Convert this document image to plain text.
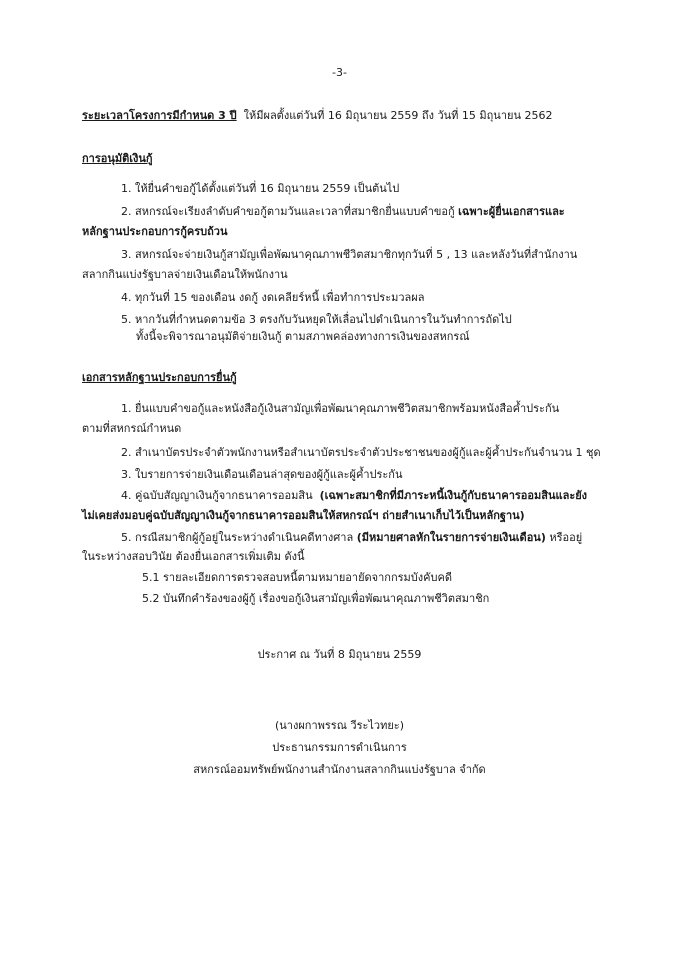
-3-
ระยะเวลาโครงการมีกำหนด 3 ปี ให้มีผลตั้งแต่วันที่ 16 มิถุนายน 2559 ถึง วันที่ 15 มิถุนายน 2562
การอนุมัติเงินกู้
1. ให้ยื่นคำขอกู้ได้ตั้งแต่วันที่ 16 มิถุนายน 2559 เป็นต้นไป
2. สหกรณ์จะเรียงลำดับคำขอกู้ตามวันและเวลาที่สมาชิกยื่นแบบคำขอกู้ เฉพาะผู้ยื่นเอกสารและ
หลักฐานประกอบการกู้ครบถ้วน
3. สหกรณ์จะจ่ายเงินกู้สามัญเพื่อพัฒนาคุณภาพชีวิตสมาชิกทุกวันที่ 5 , 13 และหลังวันที่สำนักงาน
สลากกินแบ่งรัฐบาลจ่ายเงินเดือนให้พนักงาน
4. ทุกวันที่ 15 ของเดือน งดกู้ งดเคลียร์หนี้ เพื่อทำการประมวลผล
5. หากวันที่กำหนดตามข้อ 3 ตรงกับวันหยุดให้เลื่อนไปดำเนินการในวันทำการถัดไป
ทั้งนี้จะพิจารณาอนุมัติจ่ายเงินกู้ ตามสภาพคล่องทางการเงินของสหกรณ์
เอกสารหลักฐานประกอบการยื่นกู้
1. ยื่นแบบคำขอกู้และหนังสือกู้เงินสามัญเพื่อพัฒนาคุณภาพชีวิตสมาชิกพร้อมหนังสือค้ำประกัน
ตามที่สหกรณ์กำหนด
2. สำเนาบัตรประจำตัวพนักงานหรือสำเนาบัตรประจำตัวประชาชนของผู้กู้และผู้ค้ำประกันจำนวน 1 ชุด
3. ใบรายการจ่ายเงินเดือนเดือนล่าสุดของผู้กู้และผู้ค้ำประกัน
4. คู่ฉบับสัญญาเงินกู้จากธนาคารออมสิน (เฉพาะสมาชิกที่มีภาระหนี้เงินกู้กับธนาคารออมสินและยัง
ไม่เคยส่งมอบคู่ฉบับสัญญาเงินกู้จากธนาคารออมสินให้สหกรณ์ฯ ถ่ายสำเนาเก็บไว้เป็นหลักฐาน)
5. กรณีสมาชิกผู้กู้อยู่ในระหว่างดำเนินคดีทางศาล (มีหมายศาลหักในรายการจ่ายเงินเดือน) หรืออยู่
ในระหว่างสอบวินัย ต้องยื่นเอกสารเพิ่มเติม ดังนี้
5.1 รายละเอียดการตรวจสอบหนี้ตามหมายอายัดจากกรมบังคับคดี
5.2 บันทึกคำร้องของผู้กู้ เรื่องขอกู้เงินสามัญเพื่อพัฒนาคุณภาพชีวิตสมาชิก
ประกาศ ณ วันที่ 8 มิถุนายน 2559
(นางผกาพรรณ วีระไวทยะ)
ประธานกรรมการดำเนินการ
สหกรณ์ออมทรัพย์พนักงานสำนักงานสลากกินแบ่งรัฐบาล จำกัด
